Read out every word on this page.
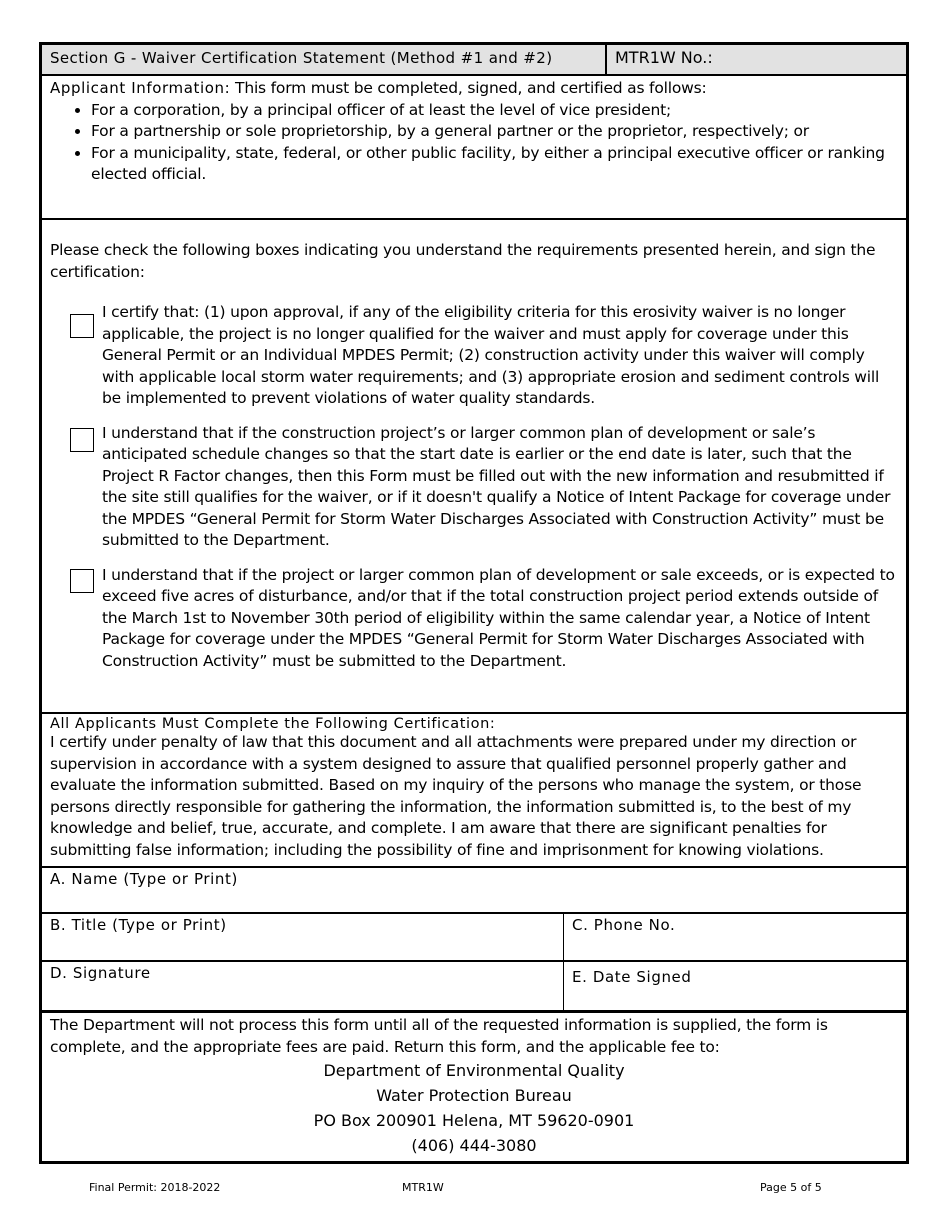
Section G - Waiver Certification Statement (Method #1 and #2)	MTR1W No.:
Applicant Information: This form must be completed, signed, and certified as follows:
• For a corporation, by a principal officer of at least the level of vice president;
• For a partnership or sole proprietorship, by a general partner or the proprietor, respectively; or
• For a municipality, state, federal, or other public facility, by either a principal executive officer or ranking elected official.
Please check the following boxes indicating you understand the requirements presented herein, and sign the certification:
I certify that: (1) upon approval, if any of the eligibility criteria for this erosivity waiver is no longer applicable, the project is no longer qualified for the waiver and must apply for coverage under this General Permit or an Individual MPDES Permit; (2) construction activity under this waiver will comply with applicable local storm water requirements; and (3) appropriate erosion and sediment controls will be implemented to prevent violations of water quality standards.
I understand that if the construction project’s or larger common plan of development or sale’s anticipated schedule changes so that the start date is earlier or the end date is later, such that the Project R Factor changes, then this Form must be filled out with the new information and resubmitted if the site still qualifies for the waiver, or if it doesn't qualify a Notice of Intent Package for coverage under the MPDES “General Permit for Storm Water Discharges Associated with Construction Activity” must be submitted to the Department.
I understand that if the project or larger common plan of development or sale exceeds, or is expected to exceed five acres of disturbance, and/or that if the total construction project period extends outside of the March 1st to November 30th period of eligibility within the same calendar year, a Notice of Intent Package for coverage under the MPDES “General Permit for Storm Water Discharges Associated with Construction Activity” must be submitted to the Department.
All Applicants Must Complete the Following Certification:
I certify under penalty of law that this document and all attachments were prepared under my direction or supervision in accordance with a system designed to assure that qualified personnel properly gather and evaluate the information submitted. Based on my inquiry of the persons who manage the system, or those persons directly responsible for gathering the information, the information submitted is, to the best of my knowledge and belief, true, accurate, and complete. I am aware that there are significant penalties for submitting false information; including the possibility of fine and imprisonment for knowing violations.
A. Name (Type or Print)
B. Title (Type or Print)	C. Phone No.
D. Signature	E. Date Signed
The Department will not process this form until all of the requested information is supplied, the form is complete, and the appropriate fees are paid. Return this form, and the applicable fee to:
Department of Environmental Quality
Water Protection Bureau
PO Box 200901 Helena, MT 59620-0901
(406) 444-3080
Final Permit: 2018-2022	MTR1W	Page 5 of 5
